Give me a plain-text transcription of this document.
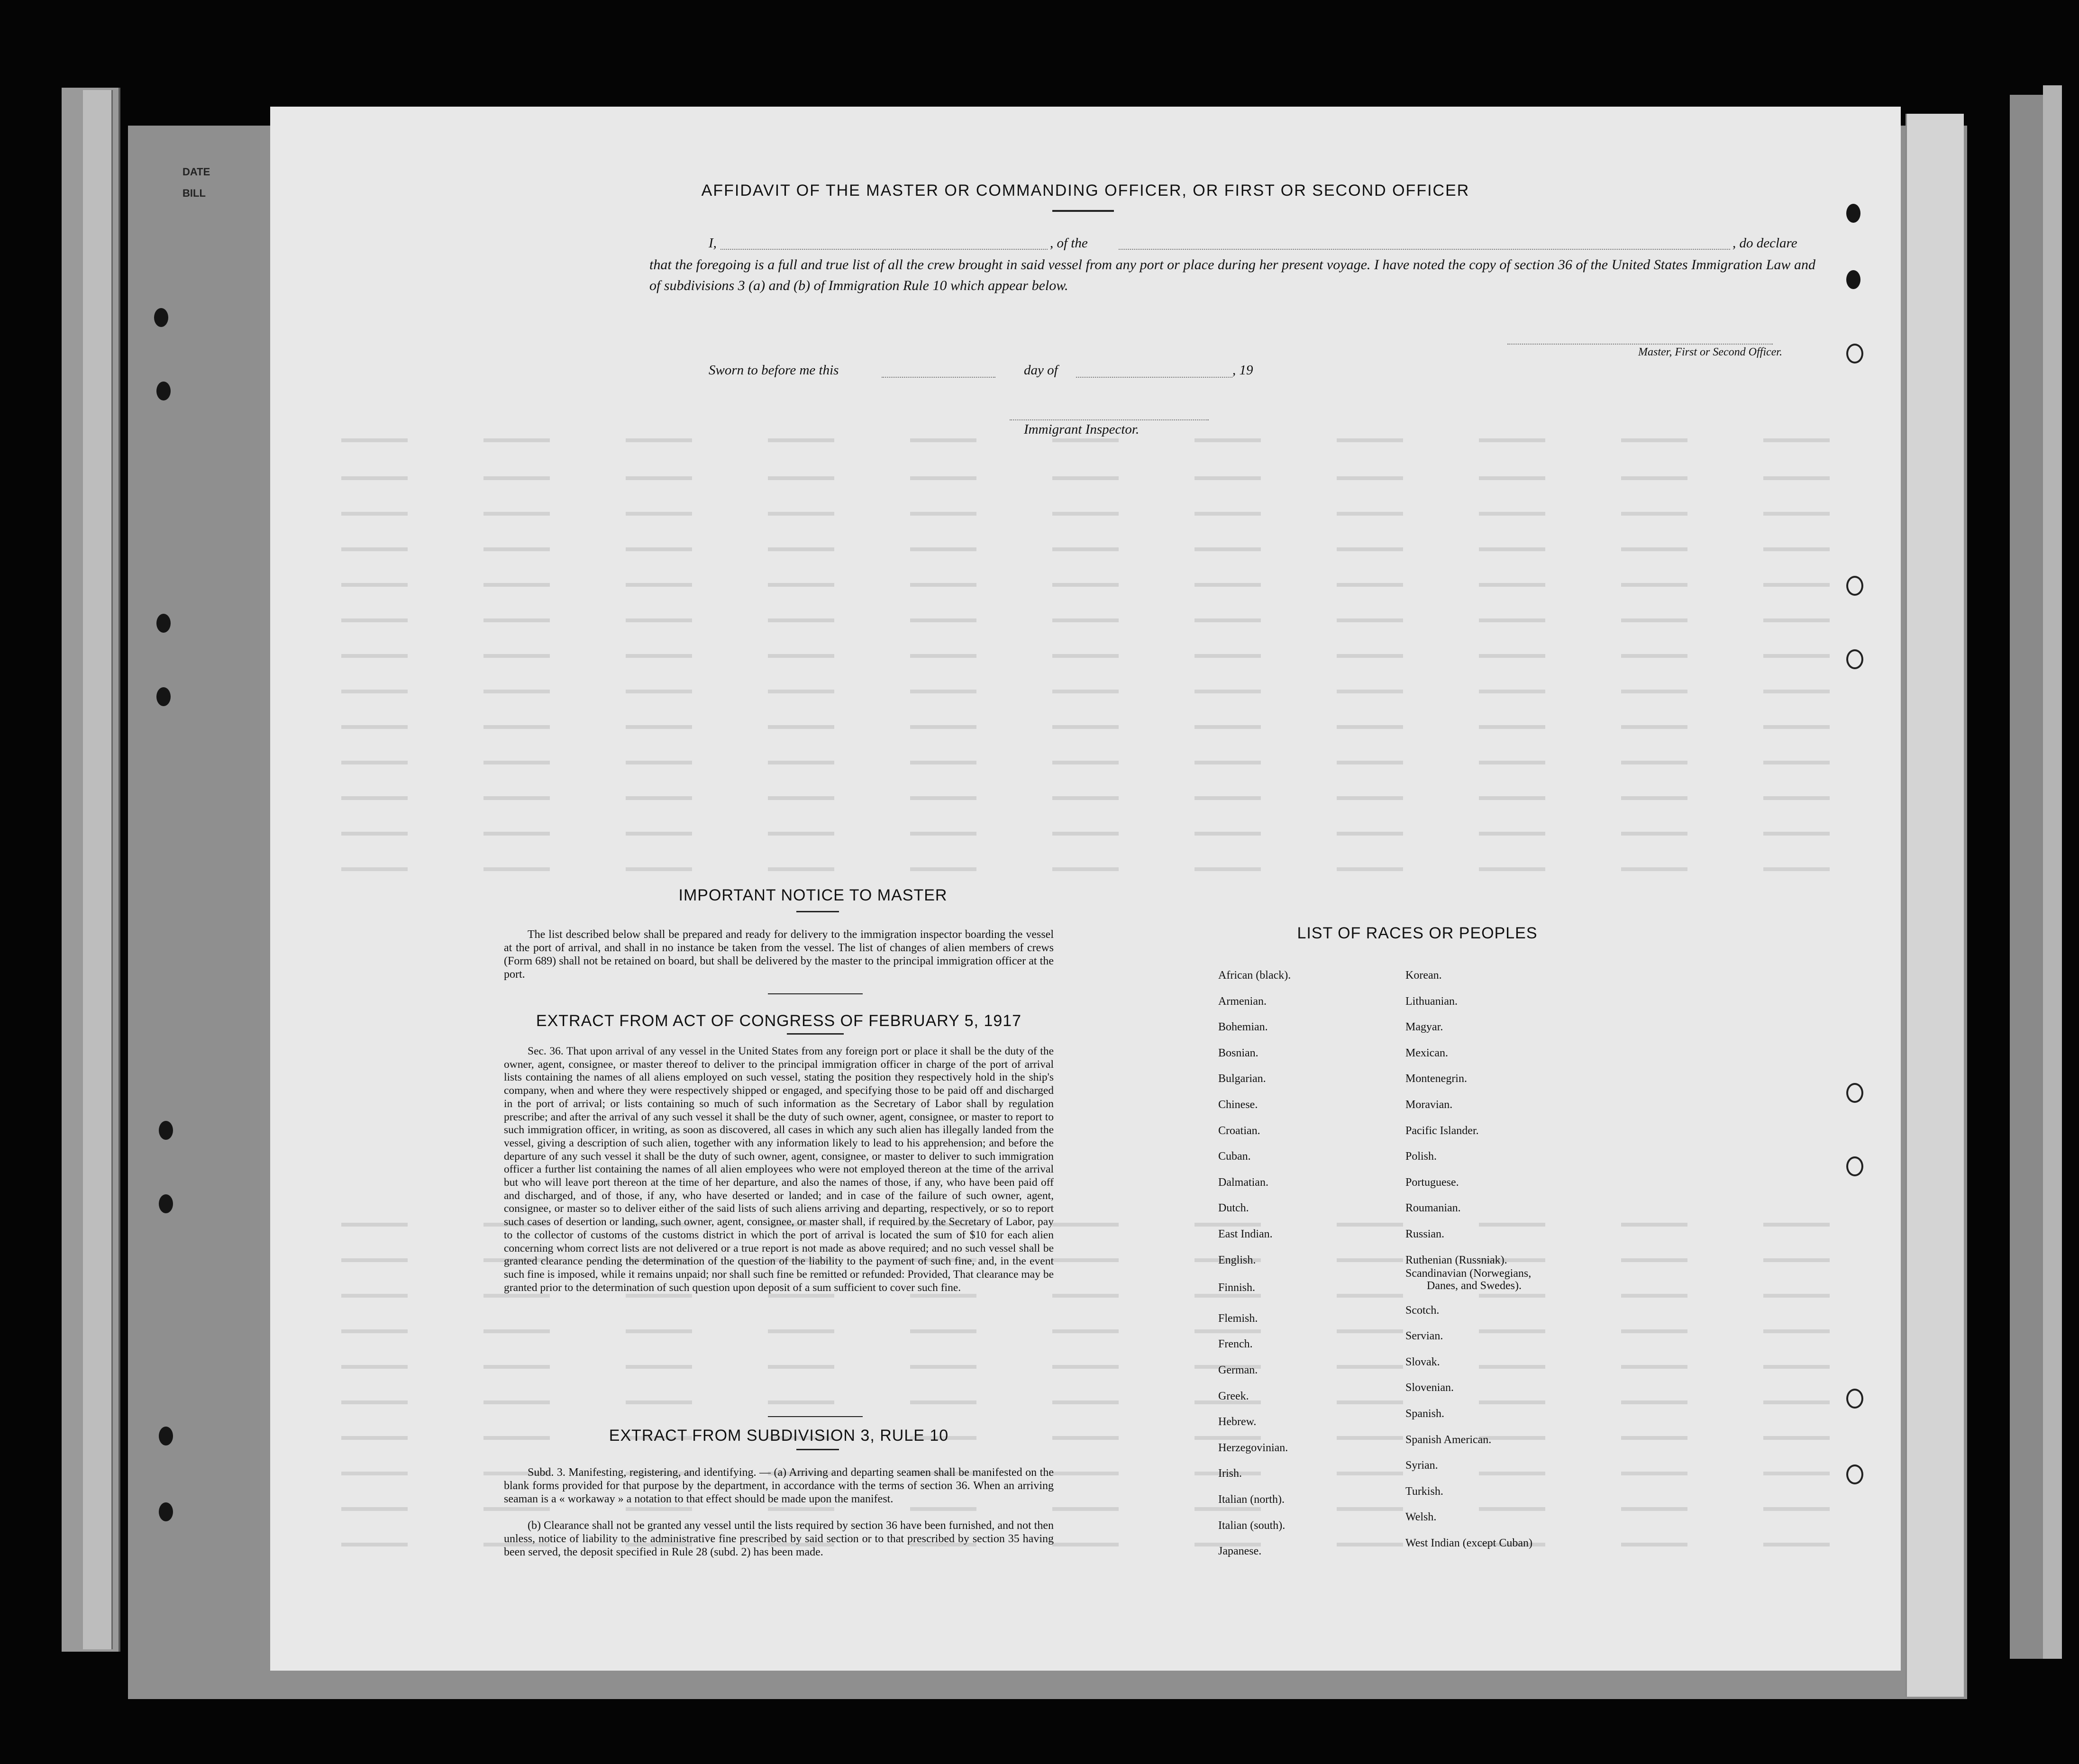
DATE
BILL	AFFIDAVIT OF THE MASTER OR COMMANDING OFFICER, OR FIRST OR SECOND OFFICER
I,	, of the	, do declare
that the foregoing is a full and true list of all the crew brought in said vessel from any port or place during her present voyage. I have noted the copy of section 36 of the United States Immigration Law and of subdivisions 3 (a) and (b) of Immigration Rule 10 which appear below.
Master, First or Second Officer.
Sworn to before me this	day of	, 19
Immigrant Inspector.
IMPORTANT NOTICE TO MASTER
The list described below shall be prepared and ready for delivery to the immigration inspector boarding the vessel at the port of arrival, and shall in no instance be taken from the vessel. The list of changes of alien members of crews (Form 689) shall not be retained on board, but shall be delivered by the master to the principal immigration officer at the port.
EXTRACT FROM ACT OF CONGRESS OF FEBRUARY 5, 1917
Sec. 36. That upon arrival of any vessel in the United States from any foreign port or place it shall be the duty of the owner, agent, consignee, or master thereof to deliver to the principal immigration officer in charge of the port of arrival lists containing the names of all aliens employed on such vessel, stating the position they respectively hold in the ship's company, when and where they were respectively shipped or engaged, and specifying those to be paid off and discharged in the port of arrival; or lists containing so much of such information as the Secretary of Labor shall by regulation prescribe; and after the arrival of any such vessel it shall be the duty of such owner, agent, consignee, or master to report to such immigration officer, in writing, as soon as discovered, all cases in which any such alien has illegally landed from the vessel, giving a description of such alien, together with any information likely to lead to his apprehension; and before the departure of any such vessel it shall be the duty of such owner, agent, consignee, or master to deliver to such immigration officer a further list containing the names of all alien employees who were not employed thereon at the time of the arrival but who will leave port thereon at the time of her departure, and also the names of those, if any, who have been paid off and discharged, and of those, if any, who have deserted or landed; and in case of the failure of such owner, agent, consignee, or master so to deliver either of the said lists of such aliens arriving and departing, respectively, or so to report such cases of desertion or landing, such owner, agent, consignee, or master shall, if required by the Secretary of Labor, pay to the collector of customs of the customs district in which the port of arrival is located the sum of $10 for each alien concerning whom correct lists are not delivered or a true report is not made as above required; and no such vessel shall be granted clearance pending the determination of the question of the liability to the payment of such fine, and, in the event such fine is imposed, while it remains unpaid; nor shall such fine be remitted or refunded: Provided, That clearance may be granted prior to the determination of such question upon deposit of a sum sufficient to cover such fine.
EXTRACT FROM SUBDIVISION 3, RULE 10
Subd. 3. Manifesting, registering, and identifying. — (a) Arriving and departing seamen shall be manifested on the blank forms provided for that purpose by the department, in accordance with the terms of section 36. When an arriving seaman is a « workaway » a notation to that effect should be made upon the manifest.
(b) Clearance shall not be granted any vessel until the lists required by section 36 have been furnished, and not then unless, notice of liability to the administrative fine prescribed by said section or to that prescribed by section 35 having been served, the deposit specified in Rule 28 (subd. 2) has been made.
LIST OF RACES OR PEOPLES
African (black).
Armenian.
Bohemian.
Bosnian.
Bulgarian.
Chinese.
Croatian.
Cuban.
Dalmatian.
Dutch.
East Indian.
English.
Finnish.
Flemish.
French.
German.
Greek.
Hebrew.
Herzegovinian.
Irish.
Italian (north).
Italian (south).
Japanese.
Korean.
Lithuanian.
Magyar.
Mexican.
Montenegrin.
Moravian.
Pacific Islander.
Polish.
Portuguese.
Roumanian.
Russian.
Ruthenian (Russniak).
Scandinavian (Norwegians,
Danes, and Swedes).
Scotch.
Servian.
Slovak.
Slovenian.
Spanish.
Spanish American.
Syrian.
Turkish.
Welsh.
West Indian (except Cuban)
